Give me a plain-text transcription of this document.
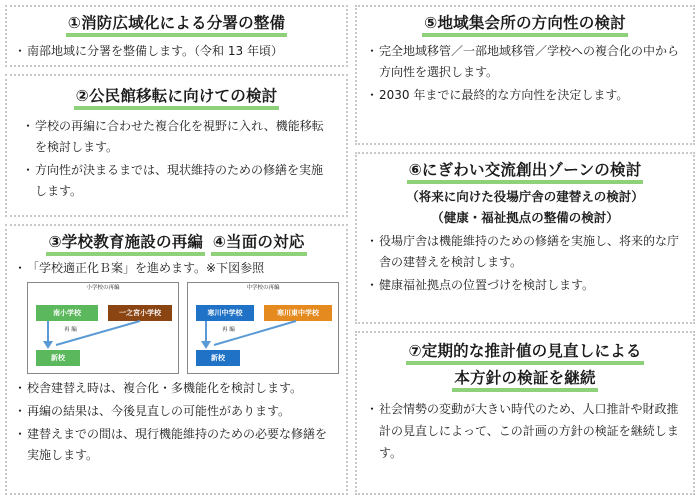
①消防広域化による分署の整備
・ 南部地域に分署を整備します。（令和 13 年頃）
②公民館移転に向けての検討
・ 学校の再編に合わせた複合化を視野に入れ、機能移転を検討します。
・ 方向性が決まるまでは、現状維持のための修繕を実施します。
③学校教育施設の再編 ④当面の対応
・ 「学校適正化Ｂ案」を進めます。※下図参照
小学校の再編
南小学校	一之宮小学校
再 編
新校
中学校の再編
寒川中学校	寒川東中学校
再 編
新校
・ 校舎建替え時は、複合化・多機能化を検討します。
・ 再編の結果は、今後見直しの可能性があります。
・ 建替えまでの間は、現行機能維持のための必要な修繕を実施します。
⑤地域集会所の方向性の検討
・ 完全地域移管／一部地域移管／学校への複合化の中から方向性を選択します。
・ 2030 年までに最終的な方向性を決定します。
⑥にぎわい交流創出ゾーンの検討
（将来に向けた役場庁舎の建替えの検討）
（健康・福祉拠点の整備の検討）
・ 役場庁舎は機能維持のための修繕を実施し、将来的な庁舎の建替えを検討します。
・ 健康福祉拠点の位置づけを検討します。
⑦定期的な推計値の見直しによる
本方針の検証を継続
・ 社会情勢の変動が大きい時代のため、人口推計や財政推計の見直しによって、この計画の方針の検証を継続します。
